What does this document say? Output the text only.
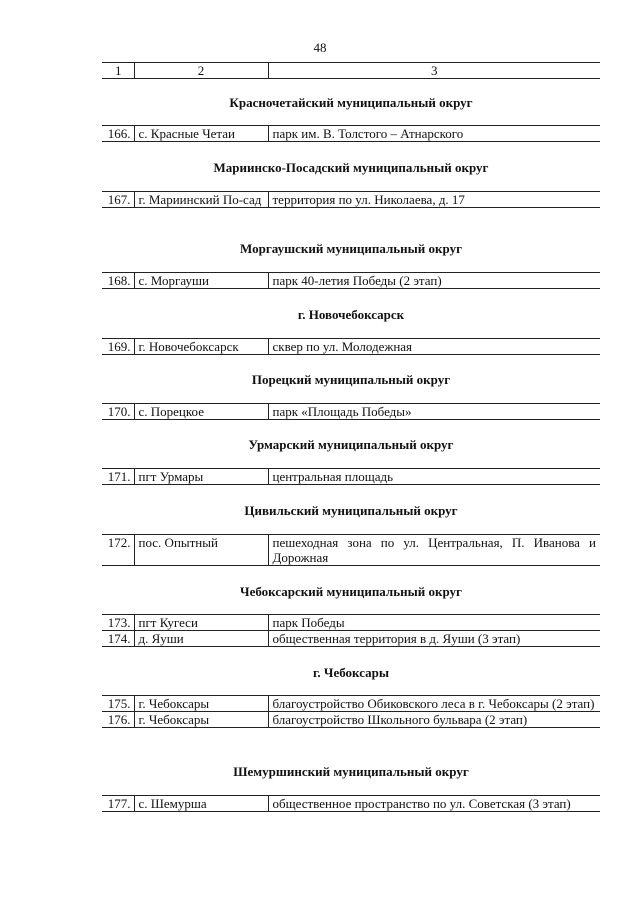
48
1	2	3
Красночетайский муниципальный округ
166.	с. Красные Четаи	парк им. В. Толстого – Атнарского
Мариинско-Посадский муниципальный округ
167.	г. Мариинский По-сад	территория по ул. Николаева, д. 17
Моргаушский муниципальный округ
168.	с. Моргауши	парк 40-летия Победы (2 этап)
г. Новочебоксарск
169.	г. Новочебоксарск	сквер по ул. Молодежная
Порецкий муниципальный округ
170.	с. Порецкое	парк «Площадь Победы»
Урмарский муниципальный округ
171.	пгт Урмары	центральная площадь
Цивильский муниципальный округ
172.	пос. Опытный	пешеходная зона по ул. Центральная, П. Иванова и Дорожная
Чебоксарский муниципальный округ
173.	пгт Кугеси	парк Победы
174.	д. Яуши	общественная территория в д. Яуши (3 этап)
г. Чебоксары
175.	г. Чебоксары	благоустройство Обиковского леса в г. Чебоксары (2 этап)
176.	г. Чебоксары	благоустройство Школьного бульвара (2 этап)
Шемуршинский муниципальный округ
177.	с. Шемурша	общественное пространство по ул. Советская (3 этап)
